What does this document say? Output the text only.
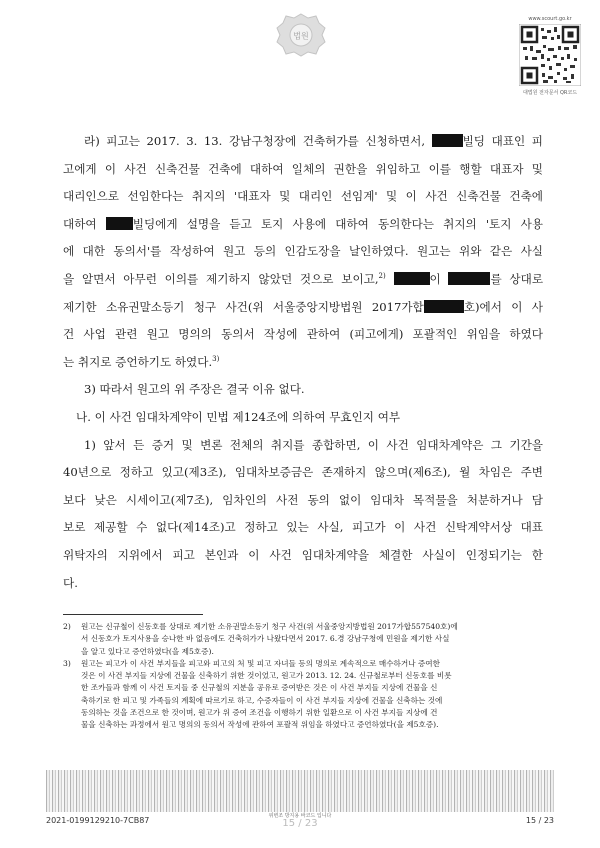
www.scourt.go.kr
법원
대법원 전자문서 QR코드
라) 피고는 2017. 3. 13. 강남구청장에 건축허가를 신청하면서,	빌딩 대표인 피
고에게 이 사건 신축건물 건축에 대하여 일체의 권한을 위임하고 이를 행할 대표자 및
대리인으로 선임한다는 취지의 '대표자 및 대리인 선임계' 및 이 사건 신축건물 건축에
대하여	빌딩에게 설명을 듣고 토지 사용에 대하여 동의한다는 취지의 '토지 사용
에 대한 동의서'를 작성하여 원고 등의 인감도장을 날인하였다. 원고는 위와 같은 사실
을 알면서 아무런 이의를 제기하지 않았던 것으로 보이고,$^{2)}$	이	를 상대로
제기한 소유권말소등기 청구 사건(위 서울중앙지방법원 2017가합	호)에서 이 사
건 사업 관련 원고 명의의 동의서 작성에 관하여 (피고에게) 포괄적인 위임을 하였다
는 취지로 증언하기도 하였다.$^{3)}$
3) 따라서 원고의 위 주장은 결국 이유 없다.
나. 이 사건 임대차계약이 민법 제124조에 의하여 무효인지 여부
1) 앞서 든 증거 및 변론 전체의 취지를 종합하면, 이 사건 임대차계약은 그 기간을
40년으로 정하고 있고(제3조), 임대차보증금은 존재하지 않으며(제6조), 월 차임은 주변
보다 낮은 시세이고(제7조), 임차인의 사전 동의 없이 임대차 목적물을 처분하거나 담
보로 제공할 수 없다(제14조)고 정하고 있는 사실, 피고가 이 사건 신탁계약서상 대표
위탁자의 지위에서 피고 본인과 이 사건 임대차계약을 체결한 사실이 인정되기는 한
다.
2) 원고는 신규철이 신동호를 상대로 제기한 소유권말소등기 청구 사건(위 서울중앙지방법원 2017가합557540호)에
서 신동호가 토지사용을 승나한 바 없음에도 건축허가가 나왔다면서 2017. 6.경 강남구청에 민원을 제기한 사실
을 알고 있다고 증언하였다(을 제5호증).
3) 원고는 피고가 이 사건 부지들을 피고와 피고의 처 및 피고 자녀들 등의 명의로 계속적으로 매수하거나 증여한
것은 이 사건 부지들 지상에 건물을 신축하기 위한 것이었고, 원고가 2013. 12. 24. 신규철로부터 신동호를 비롯
한 조카들과 함께 이 사건 토지들 중 신규철의 지분을 공유로 증여받은 것은 이 사건 부지들 지상에 건물을 신
축하기로 한 피고 및 가족들의 계획에 따르기로 하고, 수증자들이 이 사건 부지들 지상에 건물을 신축하는 것에
동의하는 것을 조건으로 한 것이며, 원고가 위 증여 조건을 이행하기 위한 일환으로 이 사건 부지들 지상에 건
물을 신축하는 과정에서 원고 명의의 동의서 작성에 관하여 포괄적 위임을 하였다고 증언하였다(을 제5호증).
2021-0199129210-7CB87	위변조 방지용 바코드 입니다
15 / 23	15 / 23
